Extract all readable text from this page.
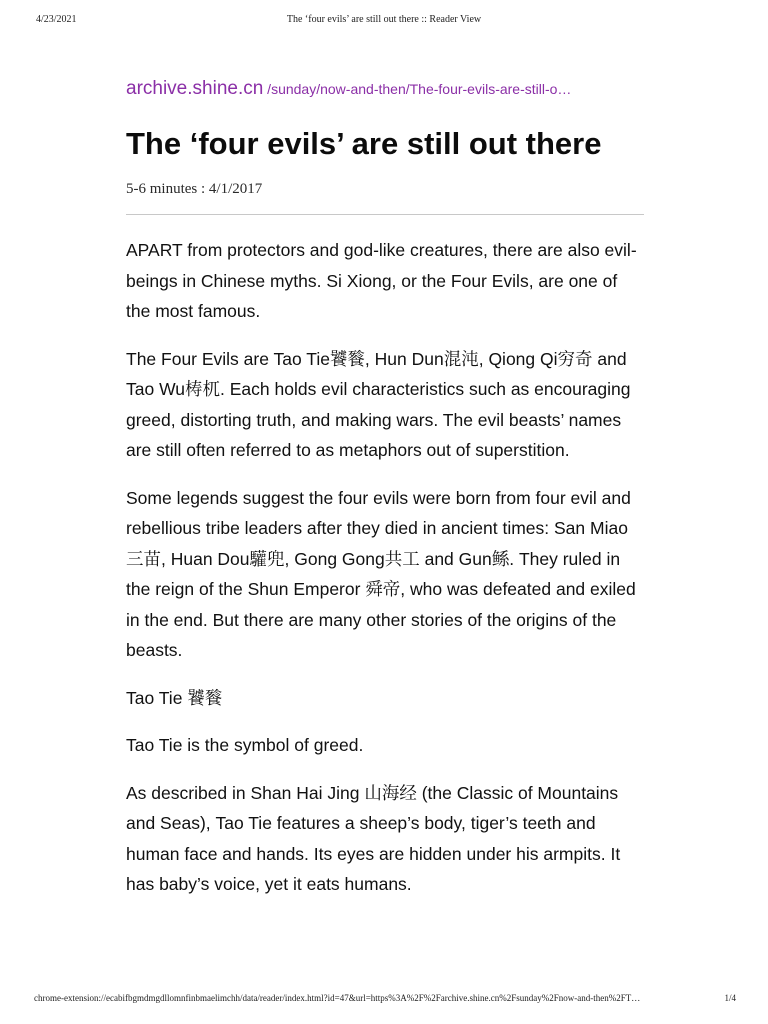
4/23/2021	The ‘four evils’ are still out there :: Reader View
archive.shine.cn /sunday/now-and-then/The-four-evils-are-still-o…
The ‘four evils’ are still out there
5-6 minutes : 4/1/2017

APART from protectors and god-like creatures, there are also evil-beings in Chinese myths. Si Xiong, or the Four Evils, are one of the most famous.

The Four Evils are Tao Tie饕餮, Hun Dun混沌, Qiong Qi穷奇 and Tao Wu梼杌. Each holds evil characteristics such as encouraging greed, distorting truth, and making wars. The evil beasts’ names are still often referred to as metaphors out of superstition.

Some legends suggest the four evils were born from four evil and rebellious tribe leaders after they died in ancient times: San Miao三苗, Huan Dou驩兜, Gong Gong共工 and Gun鲧. They ruled in the reign of the Shun Emperor 舜帝, who was defeated and exiled in the end. But there are many other stories of the origins of the beasts.

Tao Tie 饕餮

Tao Tie is the symbol of greed.

As described in Shan Hai Jing 山海经 (the Classic of Mountains and Seas), Tao Tie features a sheep’s body, tiger’s teeth and human face and hands. Its eyes are hidden under his armpits. It has baby’s voice, yet it eats humans.

chrome-extension://ecabifbgmdmgdllomnfinbmaelimchh/data/reader/index.html?id=47&url=https%3A%2F%2Farchive.shine.cn%2Fsunday%2Fnow-and-then%2FT…	1/4
